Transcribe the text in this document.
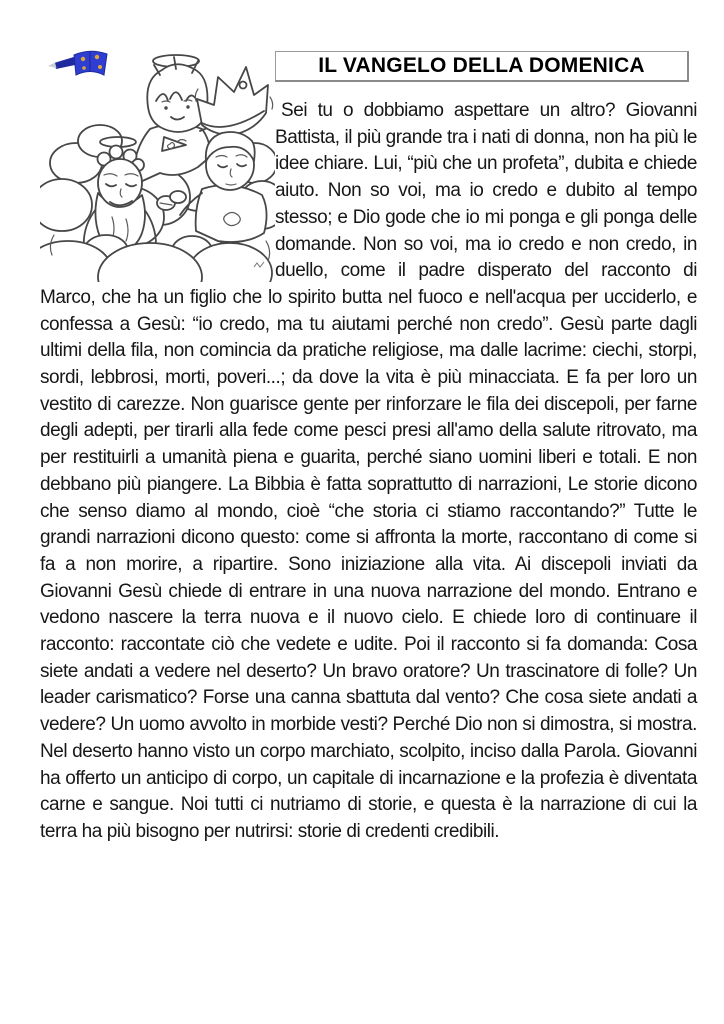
IL VANGELO DELLA DOMENICA

Sei tu o dobbiamo aspettare un altro? Giovanni Battista, il più grande tra i nati di donna, non ha più le idee chiare. Lui, “più che un profeta”, dubita e chiede aiuto. Non so voi, ma io credo e dubito al tempo stesso; e Dio gode che io mi ponga e gli ponga delle domande. Non so voi, ma io credo e non credo, in duello, come il padre disperato del racconto di Marco, che ha un figlio che lo spirito butta nel fuoco e nell'acqua per ucciderlo, e confessa a Gesù: “io credo, ma tu aiutami perché non credo”. Gesù parte dagli ultimi della fila, non comincia da pratiche religiose, ma dalle lacrime: ciechi, storpi, sordi, lebbrosi, morti, poveri...; da dove la vita è più minacciata. E fa per loro un vestito di carezze. Non guarisce gente per rinforzare le fila dei discepoli, per farne degli adepti, per tirarli alla fede come pesci presi all'amo della salute ritrovato, ma per restituirli a umanità piena e guarita, perché siano uomini liberi e totali. E non debbano più piangere. La Bibbia è fatta soprattutto di narrazioni, Le storie dicono che senso diamo al mondo, cioè “che storia ci stiamo raccontando?” Tutte le grandi narrazioni dicono questo: come si affronta la morte, raccontano di come si fa a non morire, a ripartire. Sono iniziazione alla vita. Ai discepoli inviati da Giovanni Gesù chiede di entrare in una nuova narrazione del mondo. Entrano e vedono nascere la terra nuova e il nuovo cielo. E chiede loro di continuare il racconto: raccontate ciò che vedete e udite. Poi il racconto si fa domanda: Cosa siete andati a vedere nel deserto? Un bravo oratore? Un trascinatore di folle? Un leader carismatico? Forse una canna sbattuta dal vento? Che cosa siete andati a vedere? Un uomo avvolto in morbide vesti? Perché Dio non si dimostra, si mostra. Nel deserto hanno visto un corpo marchiato, scolpito, inciso dalla Parola. Giovanni ha offerto un anticipo di corpo, un capitale di incarnazione e la profezia è diventata carne e sangue. Noi tutti ci nutriamo di storie, e questa è la narrazione di cui la terra ha più bisogno per nutrirsi: storie di credenti credibili.
